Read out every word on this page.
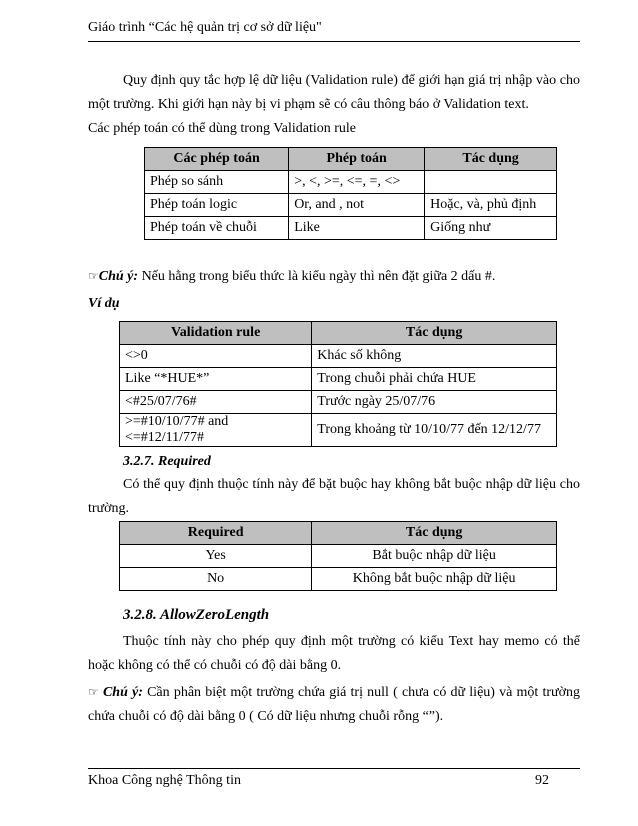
Giáo trình “Các hệ quản trị cơ sở dữ liệu"
Quy định quy tắc hợp lệ dữ liệu (Validation rule) để giới hạn giá trị nhập vào cho một trường. Khi giới hạn này bị vi phạm sẽ có câu thông báo ở Validation text.
Các phép toán có thể dùng trong Validation rule
Các phép toán	Phép toán	Tác dụng
Phép so sánh	>, <, >=, <=, =, <>	
Phép toán logic	Or, and , not	Hoặc, và, phủ định
Phép toán về chuỗi	Like	Giống như
☞Chú ý: Nếu hằng trong biểu thức là kiểu ngày thì nên đặt giữa 2 dấu #.
Ví dụ
Validation rule	Tác dụng
<>0	Khác số không
Like “*HUE*”	Trong chuỗi phải chứa HUE
<#25/07/76#	Trước ngày 25/07/76
>=#10/10/77# and <=#12/11/77#	Trong khoảng từ 10/10/77 đến 12/12/77
3.2.7. Required
Có thể quy định thuộc tính này để bặt buộc hay không bắt buộc nhập dữ liệu cho trường.
Required	Tác dụng
Yes	Bắt buộc nhập dữ liệu
No	Không bắt buộc nhập dữ liệu
3.2.8. AllowZeroLength
Thuộc tính này cho phép quy định một trường có kiểu Text hay memo có thể hoặc không có thể có chuỗi có độ dài bằng 0.
☞ Chú ý: Cần phân biệt một trường chứa giá trị null ( chưa có dữ liệu) và một trường chứa chuỗi có độ dài bằng 0 ( Có dữ liệu nhưng chuỗi rỗng “”).
Khoa Công nghệ Thông tin	92
